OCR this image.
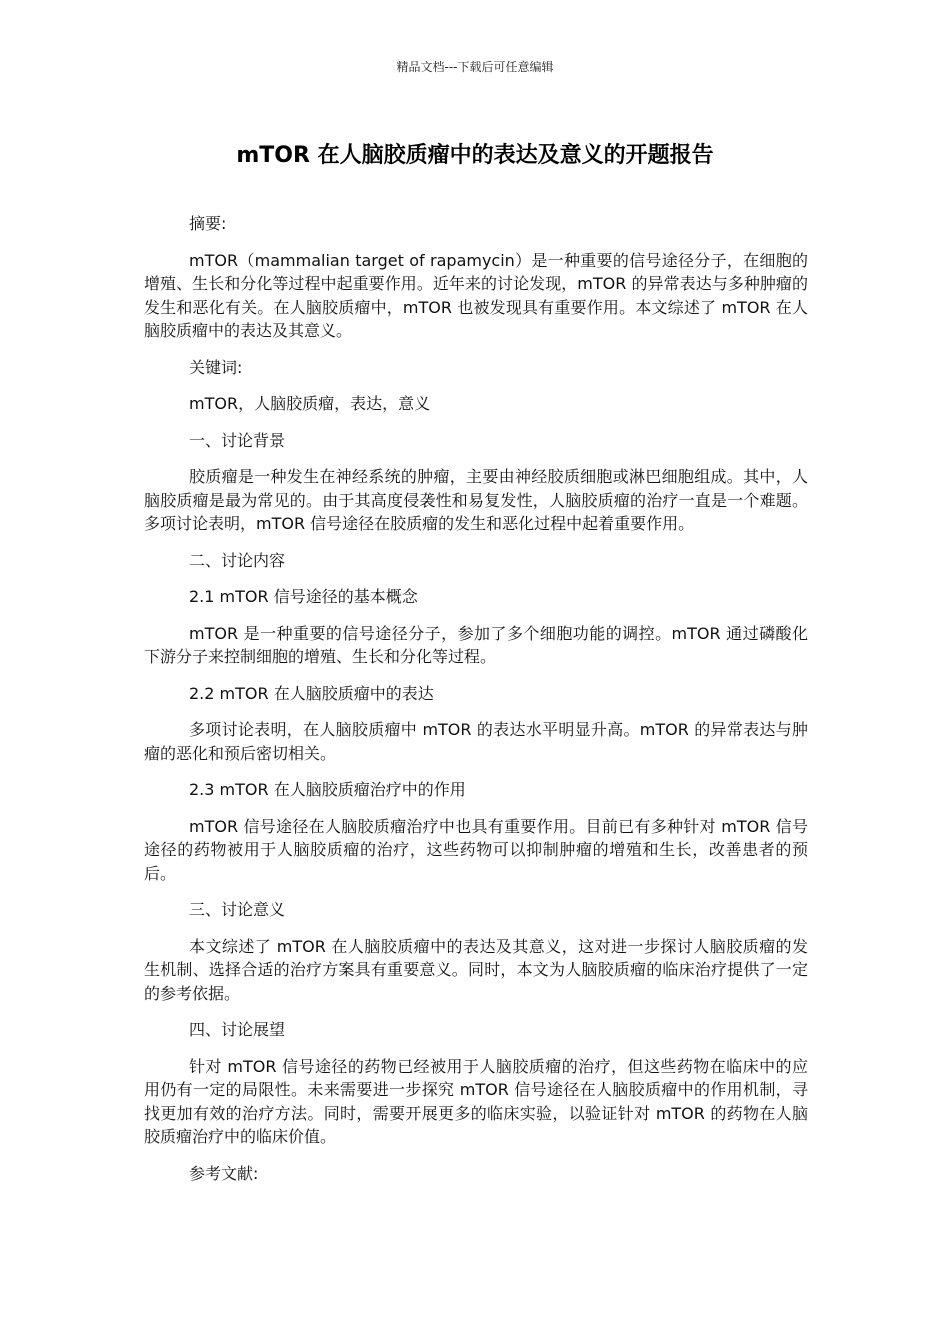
精品文档---下载后可任意编辑
mTOR 在人脑胶质瘤中的表达及意义的开题报告

摘要:

mTOR（mammalian target of rapamycin）是一种重要的信号途径分子，在细胞的增殖、生长和分化等过程中起重要作用。近年来的讨论发现，mTOR 的异常表达与多种肿瘤的发生和恶化有关。在人脑胶质瘤中，mTOR 也被发现具有重要作用。本文综述了 mTOR 在人脑胶质瘤中的表达及其意义。

关键词:

mTOR，人脑胶质瘤，表达，意义

一、讨论背景

胶质瘤是一种发生在神经系统的肿瘤，主要由神经胶质细胞或淋巴细胞组成。其中，人脑胶质瘤是最为常见的。由于其高度侵袭性和易复发性，人脑胶质瘤的治疗一直是一个难题。多项讨论表明，mTOR 信号途径在胶质瘤的发生和恶化过程中起着重要作用。

二、讨论内容

2.1 mTOR 信号途径的基本概念

mTOR 是一种重要的信号途径分子，参加了多个细胞功能的调控。mTOR 通过磷酸化下游分子来控制细胞的增殖、生长和分化等过程。

2.2 mTOR 在人脑胶质瘤中的表达

多项讨论表明，在人脑胶质瘤中 mTOR 的表达水平明显升高。mTOR 的异常表达与肿瘤的恶化和预后密切相关。

2.3 mTOR 在人脑胶质瘤治疗中的作用

mTOR 信号途径在人脑胶质瘤治疗中也具有重要作用。目前已有多种针对 mTOR 信号途径的药物被用于人脑胶质瘤的治疗，这些药物可以抑制肿瘤的增殖和生长，改善患者的预后。

三、讨论意义

本文综述了 mTOR 在人脑胶质瘤中的表达及其意义，这对进一步探讨人脑胶质瘤的发生机制、选择合适的治疗方案具有重要意义。同时，本文为人脑胶质瘤的临床治疗提供了一定的参考依据。

四、讨论展望

针对 mTOR 信号途径的药物已经被用于人脑胶质瘤的治疗，但这些药物在临床中的应用仍有一定的局限性。未来需要进一步探究 mTOR 信号途径在人脑胶质瘤中的作用机制，寻找更加有效的治疗方法。同时，需要开展更多的临床实验，以验证针对 mTOR 的药物在人脑胶质瘤治疗中的临床价值。

参考文献:
